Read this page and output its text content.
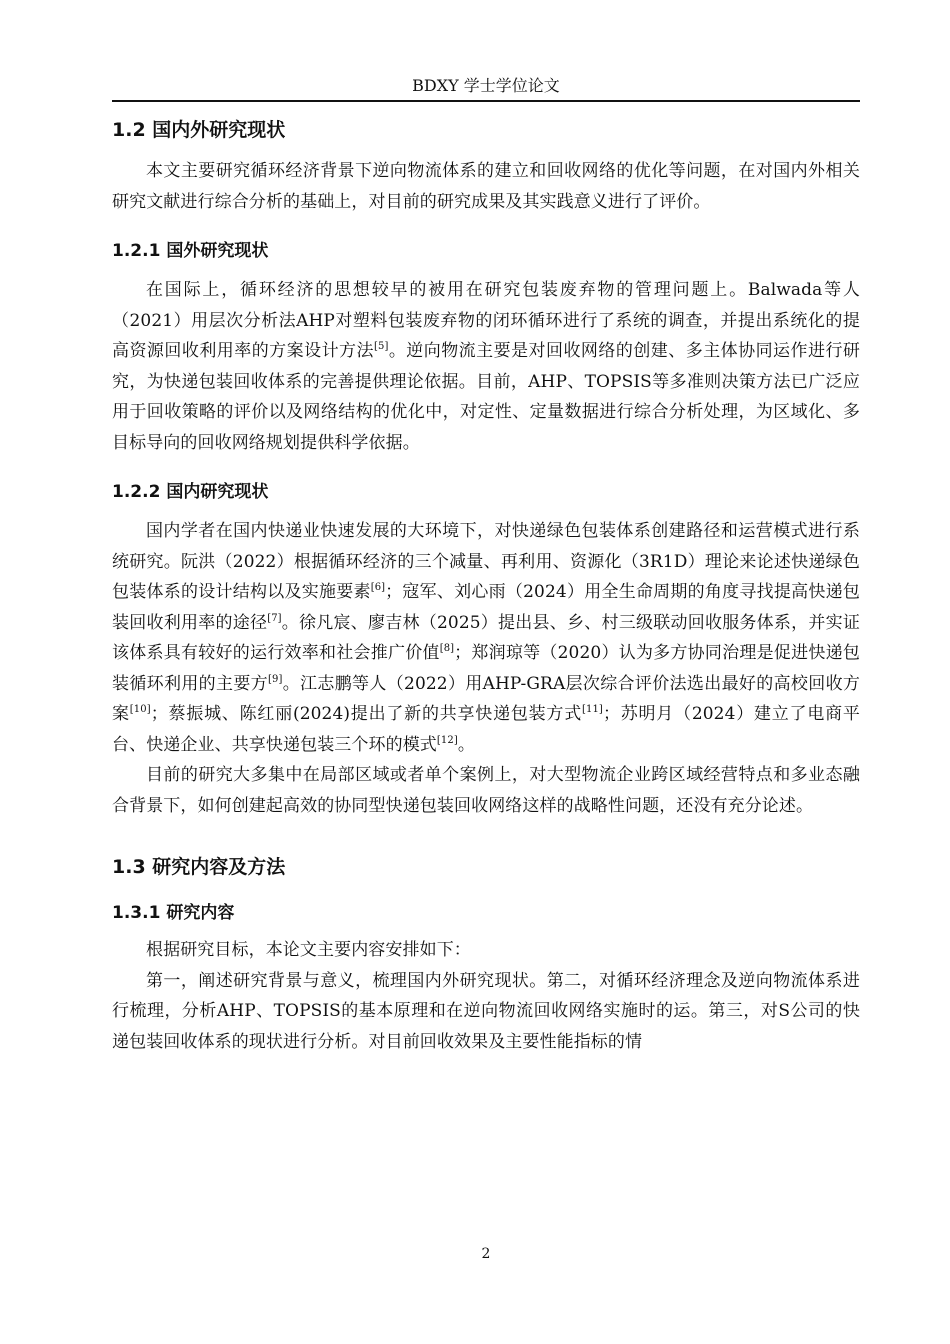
BDXY 学士学位论文
1.2 国内外研究现状

本文主要研究循环经济背景下逆向物流体系的建立和回收网络的优化等问题，在对国内外相关研究文献进行综合分析的基础上，对目前的研究成果及其实践意义进行了评价。

1.2.1 国外研究现状

在国际上，循环经济的思想较早的被用在研究包装废弃物的管理问题上。Balwada等人（2021）用层次分析法AHP对塑料包装废弃物的闭环循环进行了系统的调查，并提出系统化的提高资源回收利用率的方案设计方法[5]。逆向物流主要是对回收网络的创建、多主体协同运作进行研究，为快递包装回收体系的完善提供理论依据。目前，AHP、TOPSIS等多准则决策方法已广泛应用于回收策略的评价以及网络结构的优化中，对定性、定量数据进行综合分析处理，为区域化、多目标导向的回收网络规划提供科学依据。

1.2.2 国内研究现状

国内学者在国内快递业快速发展的大环境下，对快递绿色包装体系创建路径和运营模式进行系统研究。阮洪（2022）根据循环经济的三个减量、再利用、资源化（3R1D）理论来论述快递绿色包装体系的设计结构以及实施要素[6]；寇军、刘心雨（2024）用全生命周期的角度寻找提高快递包装回收利用率的途径[7]。徐凡宸、廖吉林（2025）提出县、乡、村三级联动回收服务体系，并实证该体系具有较好的运行效率和社会推广价值[8]；郑润琼等（2020）认为多方协同治理是促进快递包装循环利用的主要方[9]。江志鹏等人（2022）用AHP-GRA层次综合评价法选出最好的高校回收方案[10]；蔡振城、陈红丽(2024)提出了新的共享快递包装方式[11]；苏明月（2024）建立了电商平台、快递企业、共享快递包装三个环的模式[12]。

目前的研究大多集中在局部区域或者单个案例上，对大型物流企业跨区域经营特点和多业态融合背景下，如何创建起高效的协同型快递包装回收网络这样的战略性问题，还没有充分论述。

1.3 研究内容及方法
1.3.1 研究内容

根据研究目标，本论文主要内容安排如下：

第一，阐述研究背景与意义，梳理国内外研究现状。第二，对循环经济理念及逆向物流体系进行梳理，分析AHP、TOPSIS的基本原理和在逆向物流回收网络实施时的运。第三，对S公司的快递包装回收体系的现状进行分析。对目前回收效果及主要性能指标的情

2
